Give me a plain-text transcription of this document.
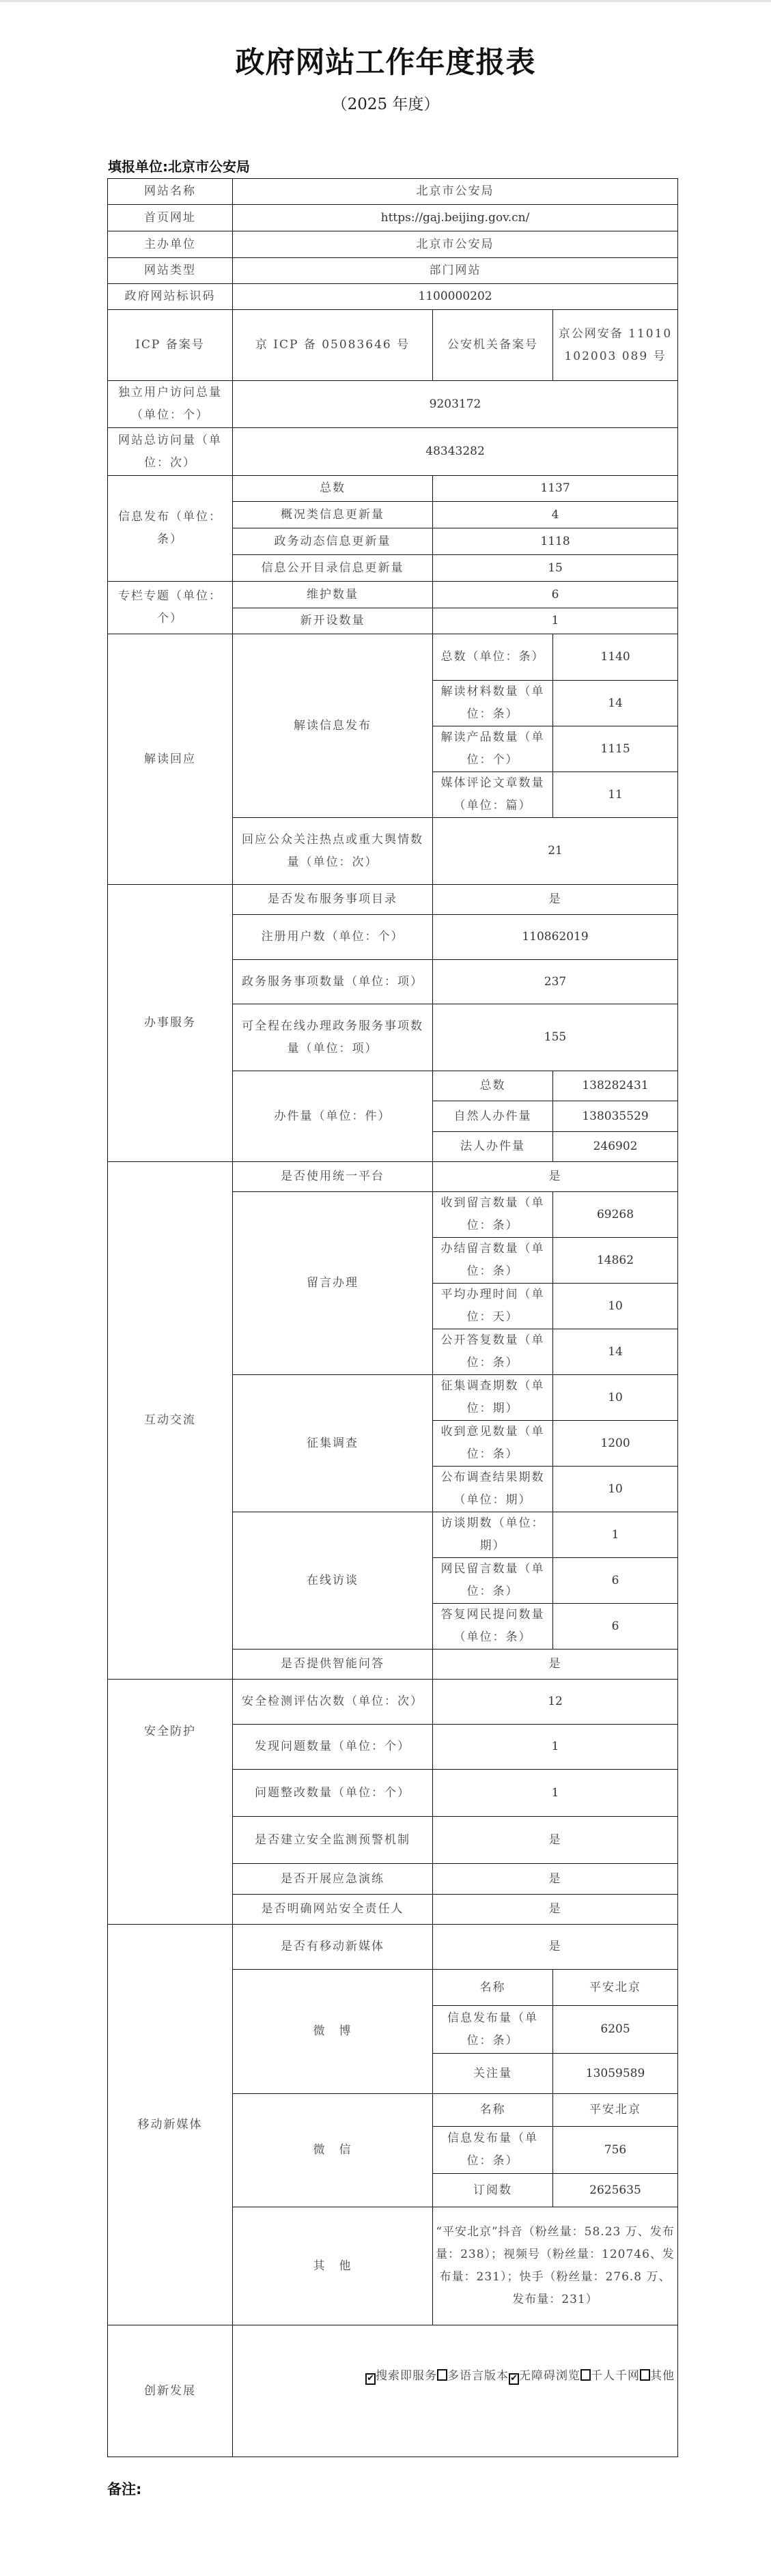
政府网站工作年度报表
（2025 年度）
填报单位:北京市公安局
网站名称	北京市公安局		
首页网址	https://gaj.beijing.gov.cn/		
主办单位	北京市公安局		
网站类型	部门网站		
政府网站标识码	1100000202		
ICP 备案号	京 ICP 备 05083646 号	公安机关备案号	京公网安备 11010102003 089 号
独立用户访问总量（单位：个）	9203172		
网站总访问量（单位：次）	48343282		
信息发布（单位：条）	总数	1137	
	概况类信息更新量	4	
	政务动态信息更新量	1118	
	信息公开目录信息更新量	15	
专栏专题（单位：个）	维护数量	6	
	新开设数量	1	
解读回应	解读信息发布	总数（单位：条）	1140
		解读材料数量（单位：条）	14
		解读产品数量（单位：个）	1115
		媒体评论文章数量（单位：篇）	11
	回应公众关注热点或重大舆情数量（单位：次）	21	
办事服务	是否发布服务事项目录	是	
	注册用户数（单位：个）	110862019	
	政务服务事项数量（单位：项）	237	
	可全程在线办理政务服务事项数量（单位：项）	155	
	办件量（单位：件）	总数	138282431
		自然人办件量	138035529
		法人办件量	246902
互动交流	是否使用统一平台	是	
	留言办理	收到留言数量（单位：条）	69268
		办结留言数量（单位：条）	14862
		平均办理时间（单位：天）	10
		公开答复数量（单位：条）	14
	征集调查	征集调查期数（单位：期）	10
		收到意见数量（单位：条）	1200
		公布调查结果期数（单位：期）	10
	在线访谈	访谈期数（单位：期）	1
		网民留言数量（单位：条）	6
		答复网民提问数量（单位：条）	6
	是否提供智能问答	是	
安全防护	安全检测评估次数（单位：次）	12	
	发现问题数量（单位：个）	1	
	问题整改数量（单位：个）	1	
	是否建立安全监测预警机制	是	
	是否开展应急演练	是	
	是否明确网站安全责任人	是	
移动新媒体	是否有移动新媒体	是	
	微　博	名称	平安北京
		信息发布量（单位：条）	6205
		关注量	13059589
	微　信	名称	平安北京
		信息发布量（单位：条）	756
		订阅数	2625635
	其　他	“平安北京”抖音（粉丝量：58.23 万、发布量：238）；视频号（粉丝量：120746、发布量：231）；快手（粉丝量：276.8 万、发布量：231）	
创新发展	✔ 搜索即服务 多语言版本 ✔ 无障碍浏览 千人千网 其他		
备注:
